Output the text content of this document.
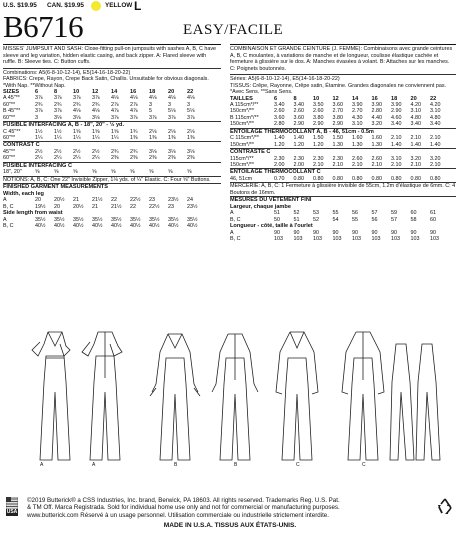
U.S. $19.95 CAN. $19.95	YELLOW L
B6716	EASY/FACILE
MISSES' JUMPSUIT AND SASH: Close-fitting pull-on jumpsuits with sashes A, B, C have sleeve and leg variation, hidden elastic casing, and back zipper. A: Flared sleeve with ruffle. B: Sleeve ties. C: Button cuffs.
Combinations: A5(6-8-10-12-14), E5(14-16-18-20-22)
FABRICS: Crepe, Rayon, Crepe Back Satin, Challis. Unsuitable for obvious diagonals.
*With Nap. **Without Nap.
SIZES	6	8	10	12	14	16	18	20	22
A 45"**	3⅞	3⅞	3⅞	3⅞	4⅛	4⅛	4⅛	4⅛	4⅛
60"**	2¾	2¾	2¾	2¾	2⅞	2⅞	3	3	3
B 45"**	3⅞	3⅞	4⅛	4⅛	4⅞	4⅞	5	5⅛	5⅛
60"**	3	3⅛	3⅛	3⅛	3⅞	3⅞	3⅞	3⅞	3⅞
FUSIBLE INTERFACING A, B - 18", 20" - ½ yd.
C 45"**	1½	1½	1⅝	1⅝	1⅝	1¾	2⅛	2⅛	2⅛
60"**	1¼	1¼	1¼	1¼	1¼	1⅜	1⅜	1⅜	1⅜
CONTRAST C
45"**	2½	2½	2½	2½	2¾	2¾	3⅛	3⅛	3⅛
60"**	2¼	2¼	2¼	2¼	2⅜	2⅜	2⅜	2⅜	2⅜
FUSIBLE INTERFACING C
18", 20"	⅝	⅝	⅝	⅝	⅝	⅝	⅝	⅝	⅝
NOTIONS: A, B, C: One 22" Invisible Zipper, 1⅛ yds. of ¼" Elastic. C: Four ⅝" Buttons.
FINISHED GARMENT MEASUREMENTS
Width, each leg
A	20	20½	21	21½	22	22½	23	23½	24
B, C	19½	20	20½	21	21½	22	22½	23	23½
Side length from waist
A	35½	35½	35½	35½	35½	35½	35½	35½	35½
B, C	40½	40½	40½	40½	40½	40½	40½	40½	40½
COMBINAISON ET GRANDE CEINTURE (J. FEMME): Combinaisons avec grande ceintures A, B, C moulantes, à variations de manche et de longueur, coulisse élastique cachée et fermeture à glissière sur le dos. A: Manches évasées à volant. B: Attaches sur les manches. C: Poignets boutonnés.
Séries: A5(6-8-10-12-14), E5(14-16-18-20-22)
TISSUS: Crêpe, Rayonne, Crêpe satin, Étamine. Grandes diagonales ne conviennent pas.
*Avec Sens. **Sans Sens.
TAILLES	6	8	10	12	14	16	18	20	22
A 115cm*/**	3.40	3.40	3.50	3.60	3.90	3.90	3.90	4.20	4.20
150cm*/**	2.60	2.60	2.60	2.70	2.70	2.80	2.90	3.10	3.10
B 115cm*/**	3.60	3.60	3.80	3.80	4.30	4.40	4.60	4.80	4.80
150cm*/**	2.80	2.90	2.90	2.90	3.10	3.20	3.40	3.40	3.40
ENTOILAGE THERMOCOLLANT A, B - 46, 51cm - 0.5m
C 115cm*/**	1.40	1.40	1.50	1.50	1.60	1.60	2.10	2.10	2.10
150cm*/**	1.20	1.20	1.20	1.30	1.30	1.30	1.40	1.40	1.40
CONTRASTE C
115cm*/**	2.30	2.30	2.30	2.30	2.60	2.60	3.10	3.20	3.20
150cm*/**	2.00	2.00	2.10	2.10	2.10	2.10	2.10	2.10	2.10
ENTOILAGE THERMOCOLLANT C
46, 51cm	0.70	0.80	0.80	0.80	0.80	0.80	0.80	0.80	0.80
MERCERIE: A, B, C: 1 Fermeture à glissière invisible de 55cm, 1.2m d'élastique de 6mm. C: 4 Boutons de 16mm.
MESURES DU VÊTEMENT FINI
Largeur, chaque jambe
A	51	52	53	55	56	57	59	60	61
B, C	50	51	52	54	55	56	57	58	60
Longueur - côté, taille à l'ourlet
A	90	90	90	90	90	90	90	90	90
B, C	103	103	103	103	103	103	103	103	103
A	A	B	B	C	C
USA
©2019 Butterick® a CSS Industries, Inc. brand, Berwick, PA 18603. All rights reserved. Trademarks Reg. U.S. Pat.
& TM Off. Marca Registrada. Sold for individual home use only and not for commercial or manufacturing purposes.
www.butterick.com Réservé à un usage personnel. Utilisation commerciale ou industrielle strictement interdite.
MADE IN U.S.A. TISSUS AUX ÉTATS-UNIS.
